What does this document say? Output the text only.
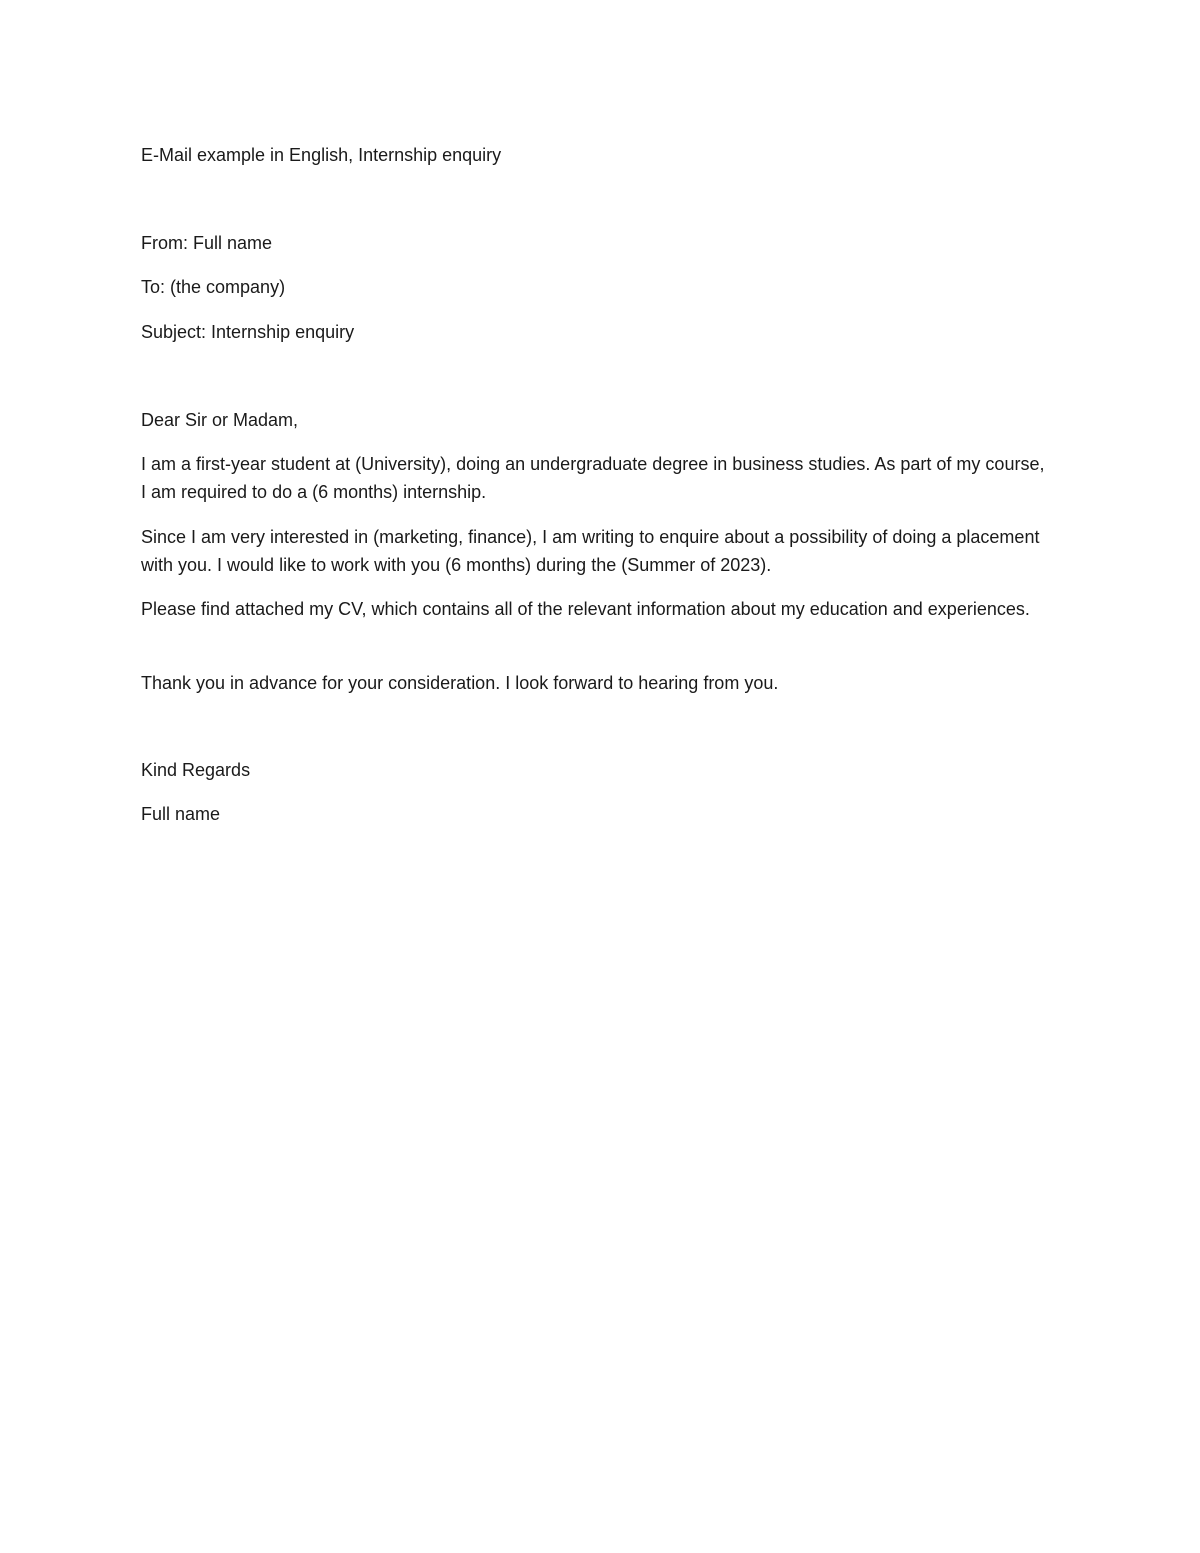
E-Mail example in English, Internship enquiry

From: Full name

To: (the company)

Subject: Internship enquiry

Dear Sir or Madam,

I am a first-year student at (University), doing an undergraduate degree in business studies. As part of my course, I am required to do a (6 months) internship.

Since I am very interested in (marketing, finance), I am writing to enquire about a possibility of doing a placement with you. I would like to work with you (6 months) during the (Summer of 2023).

Please find attached my CV, which contains all of the relevant information about my education and experiences.

Thank you in advance for your consideration. I look forward to hearing from you.

Kind Regards

Full name
